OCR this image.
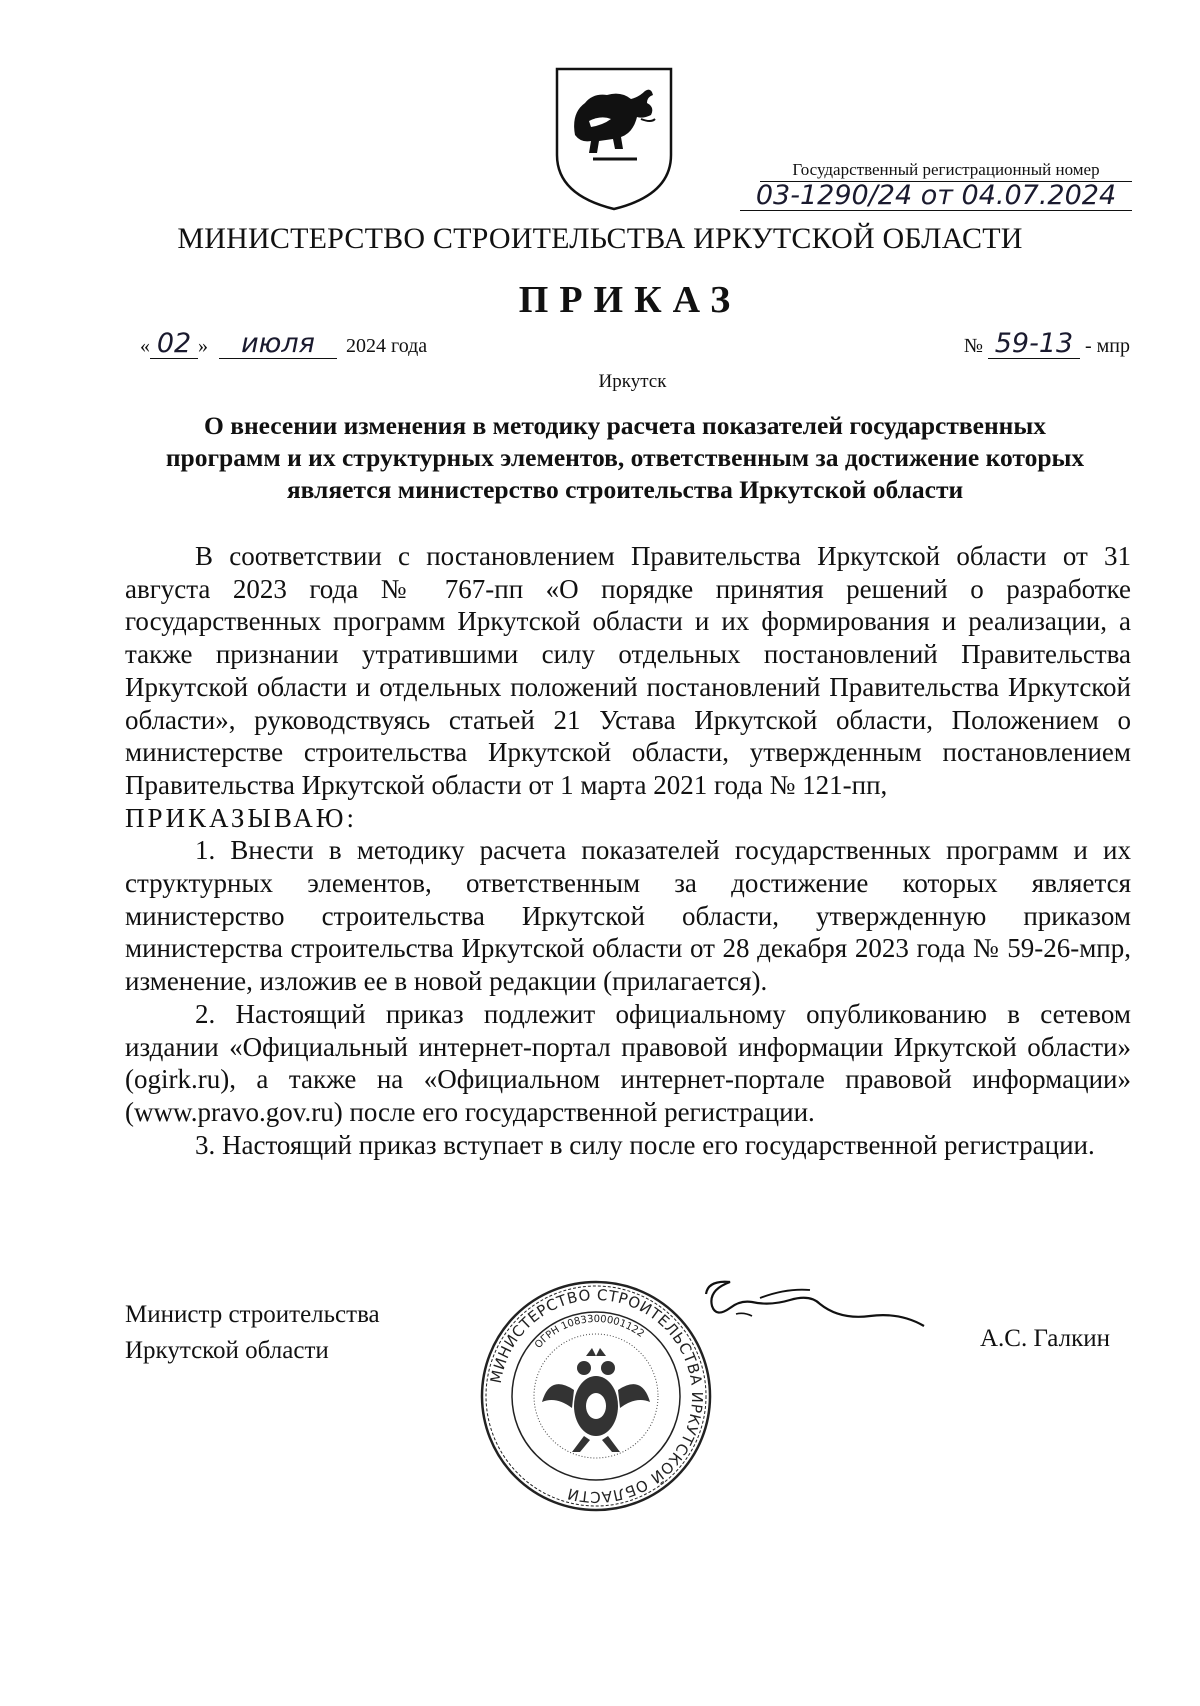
Государственный регистрационный номер
03-1290/24 от 04.07.2024
МИНИСТЕРСТВО СТРОИТЕЛЬСТВА ИРКУТСКОЙ ОБЛАСТИ
ПРИКАЗ
« 02 » июля 2024 года	№ 59-13 - мпр
Иркутск
О внесении изменения в методику расчета показателей государственных программ и их структурных элементов, ответственным за достижение которых является министерство строительства Иркутской области

В соответствии с постановлением Правительства Иркутской области от 31 августа 2023 года № 767-пп «О порядке принятия решений о разработке государственных программ Иркутской области и их формирования и реализации, а также признании утратившими силу отдельных постановлений Правительства Иркутской области и отдельных положений постановлений Правительства Иркутской области», руководствуясь статьей 21 Устава Иркутской области, Положением о министерстве строительства Иркутской области, утвержденным постановлением Правительства Иркутской области от 1 марта 2021 года № 121-пп,

ПРИКАЗЫВАЮ:

1. Внести в методику расчета показателей государственных программ и их структурных элементов, ответственным за достижение которых является министерство строительства Иркутской области, утвержденную приказом министерства строительства Иркутской области от 28 декабря 2023 года № 59-26-мпр, изменение, изложив ее в новой редакции (прилагается).

2. Настоящий приказ подлежит официальному опубликованию в сетевом издании «Официальный интернет-портал правовой информации Иркутской области» (ogirk.ru), а также на «Официальном интернет-портале правовой информации» (www.pravo.gov.ru) после его государственной регистрации.

3. Настоящий приказ вступает в силу после его государственной регистрации.

Министр строительства
Иркутской области	А.С. Галкин
МИНИСТЕРСТВО СТРОИТЕЛЬСТВА ИРКУТСКОЙ ОБЛАСТИ
ОГРН 1083300001122
